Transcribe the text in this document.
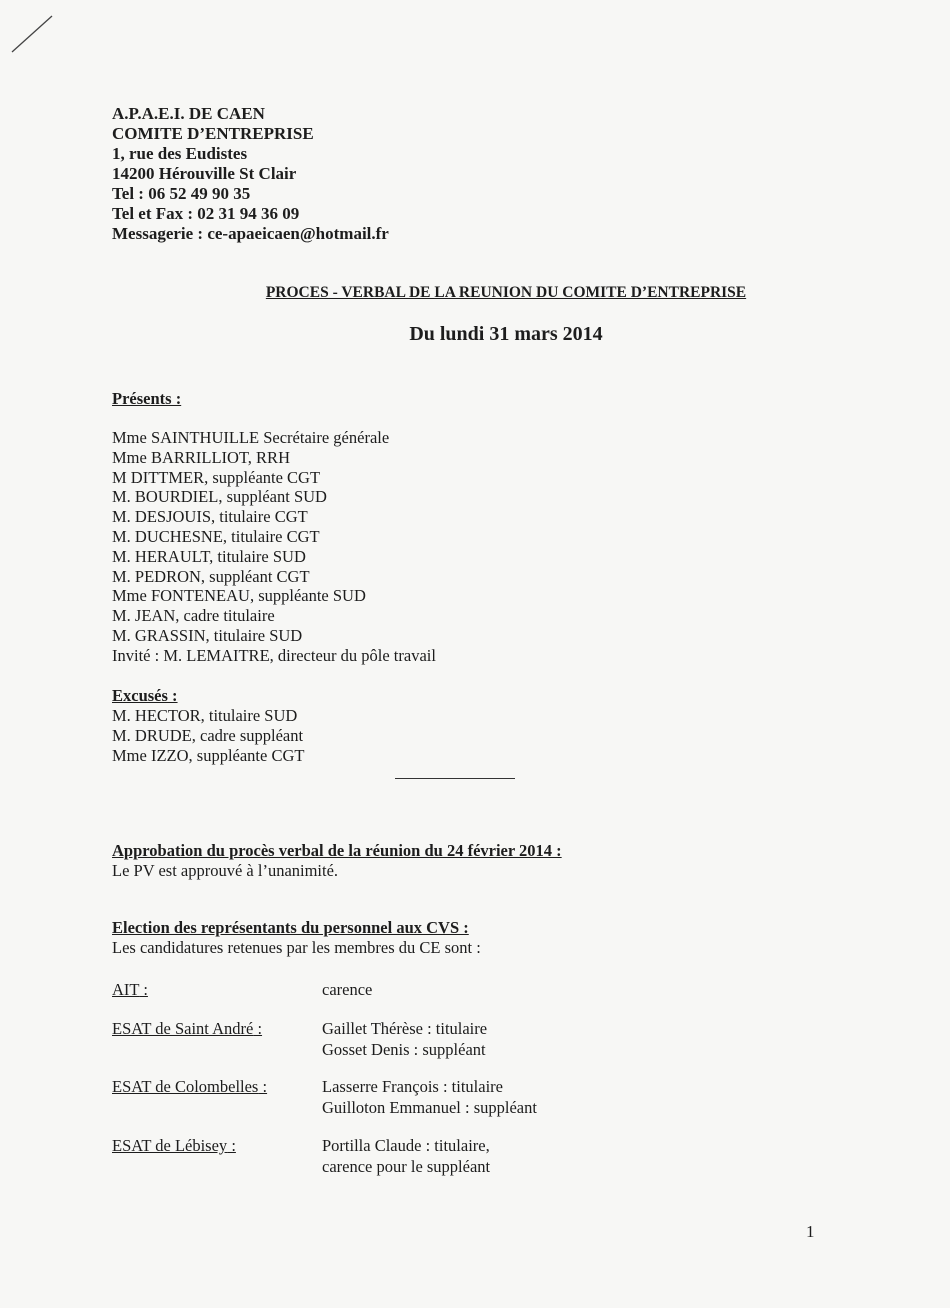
A.P.A.E.I. DE CAEN
COMITE D’ENTREPRISE
1, rue des Eudistes
14200 Hérouville St Clair
Tel : 06 52 49 90 35
Tel et Fax : 02 31 94 36 09
Messagerie : ce-apaeicaen@hotmail.fr
PROCES - VERBAL DE LA REUNION DU COMITE D’ENTREPRISE
Du lundi 31 mars 2014
Présents :
Mme SAINTHUILLE Secrétaire générale
Mme BARRILLIOT, RRH
M DITTMER, suppléante CGT
M. BOURDIEL, suppléant SUD
M. DESJOUIS, titulaire CGT
M. DUCHESNE, titulaire CGT
M. HERAULT, titulaire SUD
M. PEDRON, suppléant CGT
Mme FONTENEAU, suppléante SUD
M. JEAN, cadre titulaire
M. GRASSIN, titulaire SUD
Invité : M. LEMAITRE, directeur du pôle travail
Excusés :
M. HECTOR, titulaire SUD
M. DRUDE, cadre suppléant
Mme IZZO, suppléante CGT
Approbation du procès verbal de la réunion du 24 février 2014 :
Le PV est approuvé à l’unanimité.
Election des représentants du personnel aux CVS :
Les candidatures retenues par les membres du CE sont :
AIT :	carence
ESAT de Saint André :	Gaillet Thérèse : titulaire
Gosset Denis : suppléant
ESAT de Colombelles :	Lasserre François : titulaire
Guilloton Emmanuel : suppléant
ESAT de Lébisey :	Portilla Claude : titulaire,
carence pour le suppléant
1
